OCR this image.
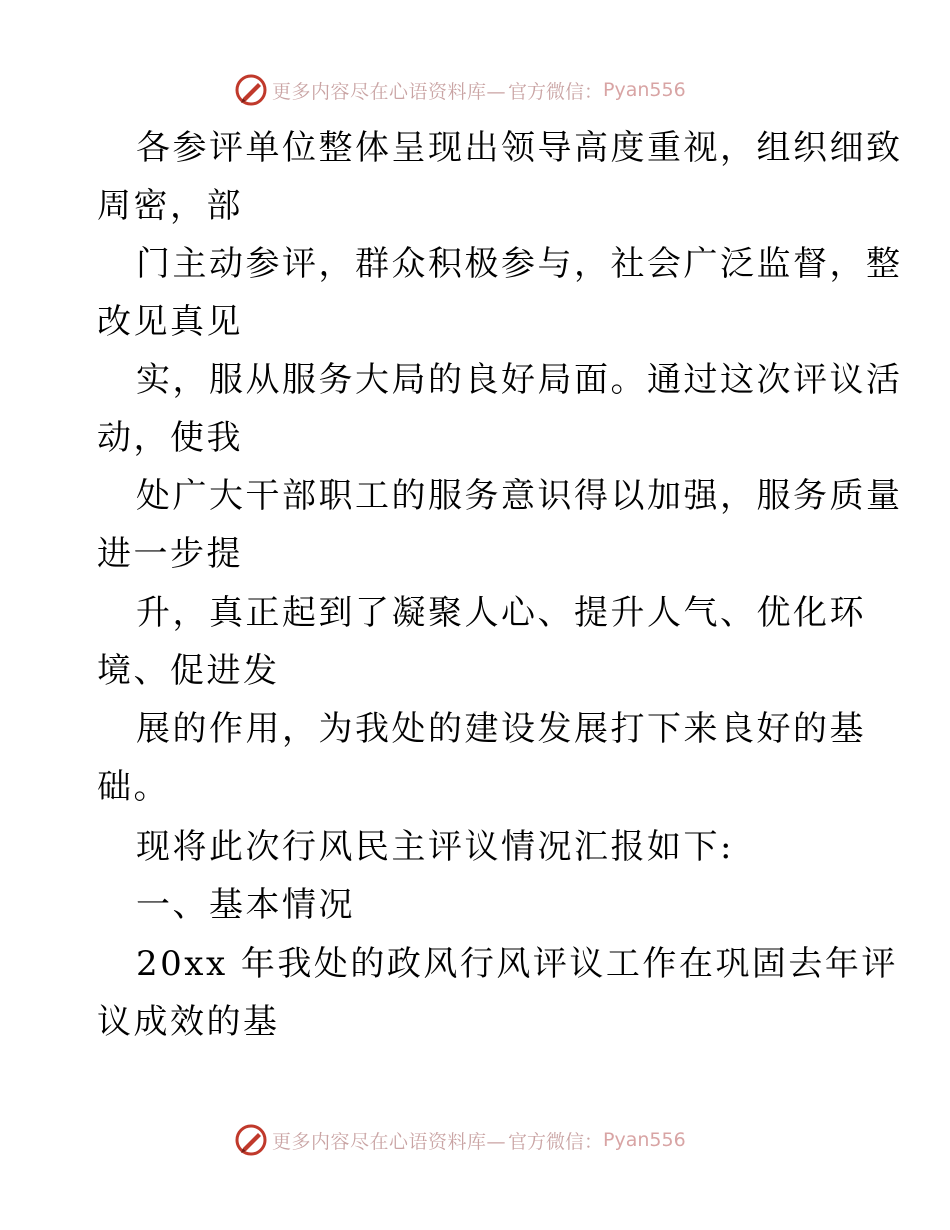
更多内容尽在心语资料库— 官方微信： Pyan556
各参评单位整体呈现出领导高度重视，组织细致
周密，部
门主动参评，群众积极参与，社会广泛监督，整
改见真见
实，服从服务大局的良好局面。通过这次评议活
动，使我
处广大干部职工的服务意识得以加强，服务质量
进一步提
升，真正起到了凝聚人心、提升人气、优化环
境、促进发
展的作用，为我处的建设发展打下来良好的基
础。
现将此次行风民主评议情况汇报如下:
一、基本情况
20xx 年我处的政风行风评议工作在巩固去年评
议成效的基
更多内容尽在心语资料库— 官方微信： Pyan556
